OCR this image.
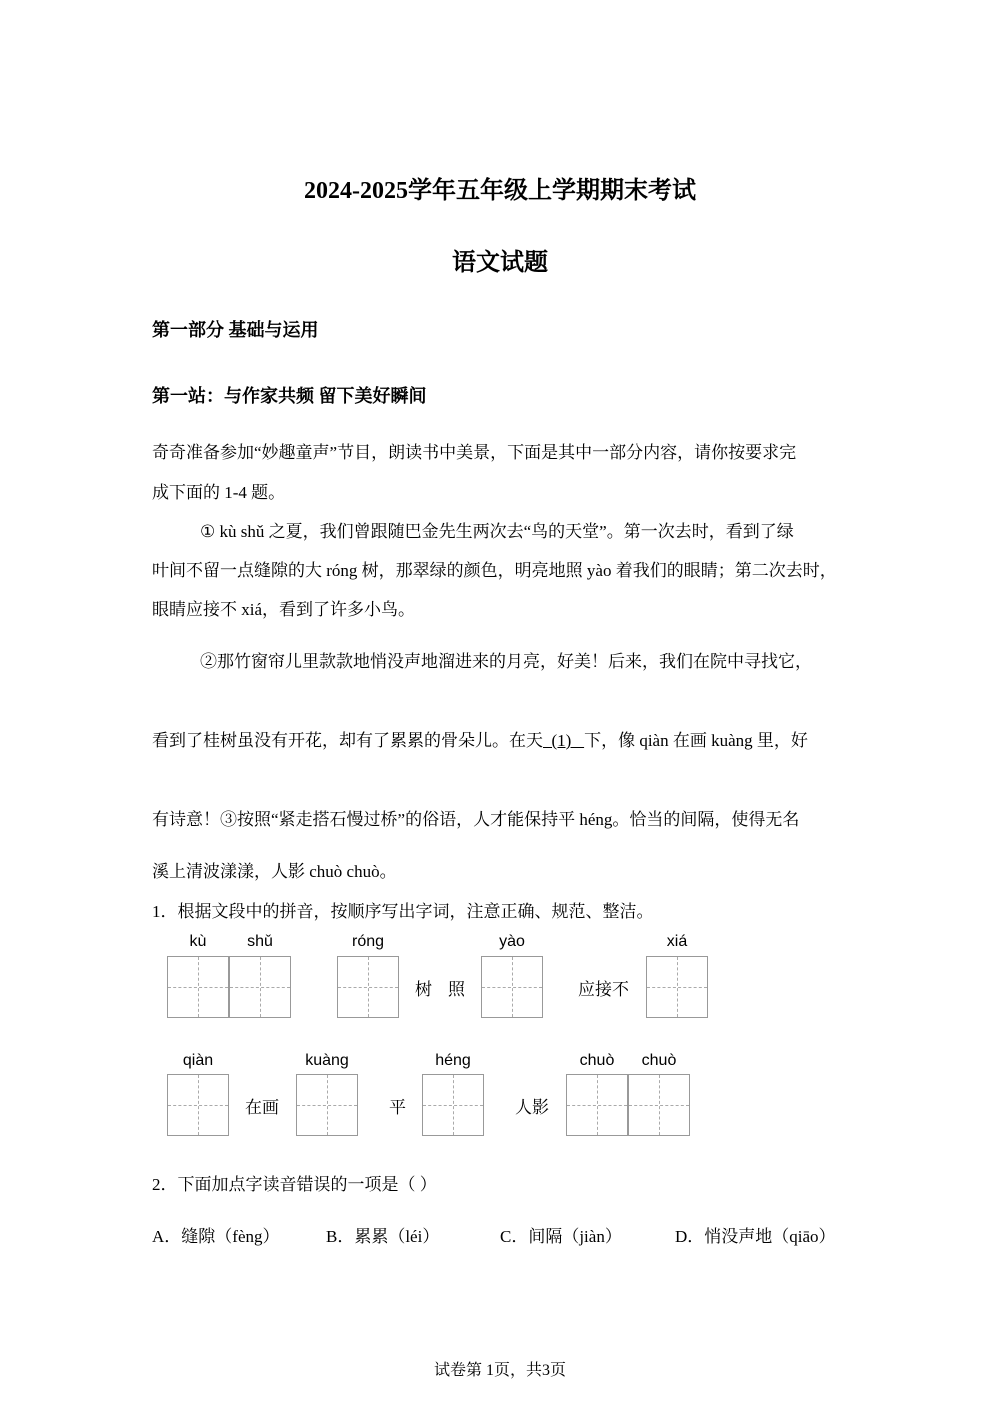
2024-2025学年五年级上学期期末考试
语文试题
第一部分 基础与运用
第一站：与作家共频 留下美好瞬间
奇奇准备参加“妙趣童声”节目，朗读书中美景，下面是其中一部分内容，请你按要求完
成下面的 1-4 题。
① kù shǔ 之夏，我们曾跟随巴金先生两次去“鸟的天堂”。第一次去时，看到了绿
叶间不留一点缝隙的大 róng 树，那翠绿的颜色，明亮地照 yào 着我们的眼睛；第二次去时，
眼睛应接不 xiá，看到了许多小鸟。
②那竹窗帘儿里款款地悄没声地溜进来的月亮，好美！后来，我们在院中寻找它，
看到了桂树虽没有开花，却有了累累的骨朵儿。在天  (1)   下，像 qiàn 在画 kuàng 里，好
有诗意！③按照“紧走搭石慢过桥”的俗语，人才能保持平 héng。恰当的间隔，使得无名
溪上清波漾漾，人影 chuò chuò。
1．根据文段中的拼音，按顺序写出字词，注意正确、规范、整洁。
kù	shǔ	róng	yào	xiá
树 照	应接不
qiàn	kuàng	héng	chuò	chuò
在画	平	人影
2．下面加点字读音错误的一项是（ ）
A．缝隙（fèng）	B．累累（léi）	C．间隔（jiàn）	D．悄没声地（qiāo）
试卷第 1页，共3页
